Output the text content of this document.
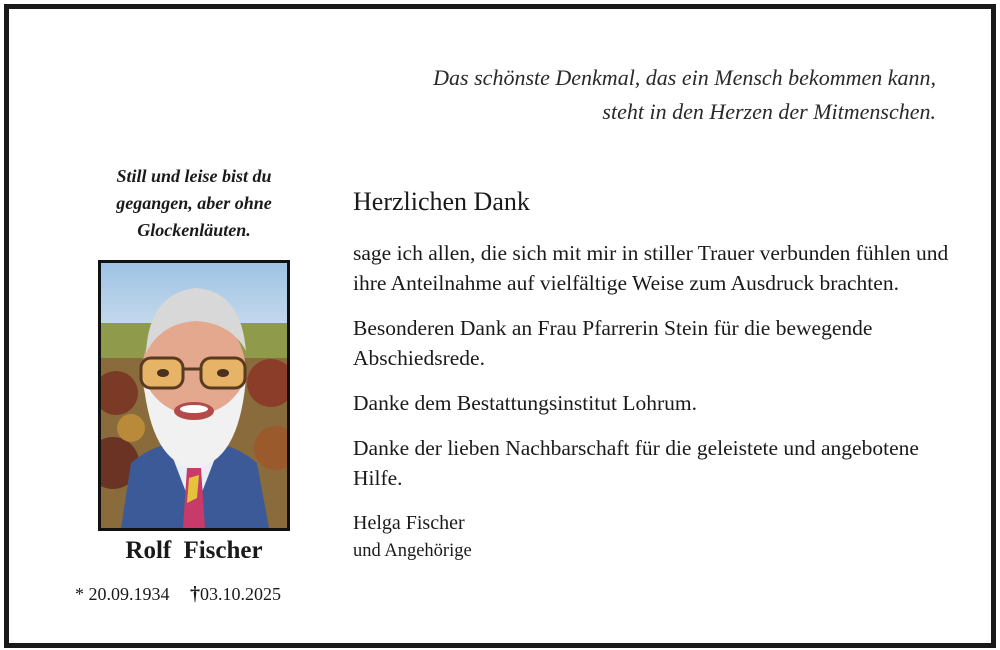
Das schönste Denkmal, das ein Mensch bekommen kann,
steht in den Herzen der Mitmenschen.
Still und leise bist du
gegangen, aber ohne
Glockenläuten.
Rolf Fischer
* 20.09.1934 †03.10.2025
Herzlichen Dank

sage ich allen, die sich mit mir in stiller Trauer verbunden fühlen und ihre Anteilnahme auf vielfältige Weise zum Ausdruck brachten.

Besonderen Dank an Frau Pfarrerin Stein für die bewegende Abschiedsrede.

Danke dem Bestattungsinstitut Lohrum.

Danke der lieben Nachbarschaft für die geleistete und angebotene Hilfe.

Helga Fischer
und Angehörige
